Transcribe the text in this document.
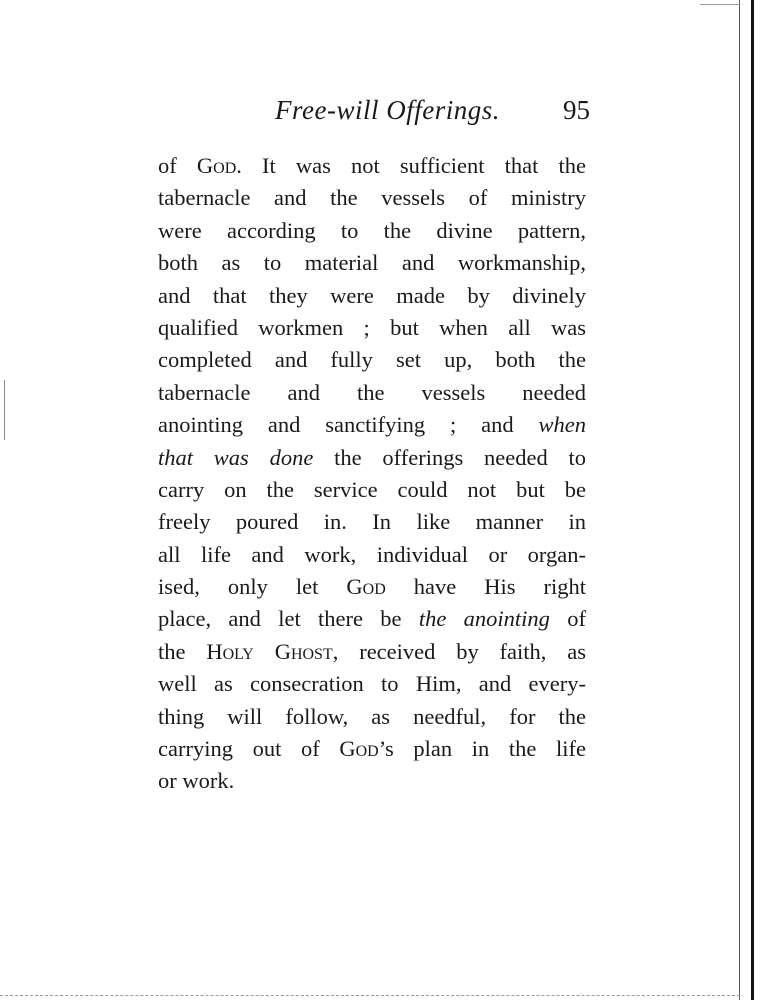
Free-will Offerings.	95
of God. It was not sufficient that the
tabernacle and the vessels of ministry
were according to the divine pattern,
both as to material and workmanship,
and that they were made by divinely
qualified workmen ; but when all was
completed and fully set up, both the
tabernacle and the vessels needed
anointing and sanctifying ; and when
that was done the offerings needed to
carry on the service could not but be
freely poured in. In like manner in
all life and work, individual or organ-
ised, only let God have His right
place, and let there be the anointing of
the Holy Ghost, received by faith, as
well as consecration to Him, and every-
thing will follow, as needful, for the
carrying out of God’s plan in the life
or work.
